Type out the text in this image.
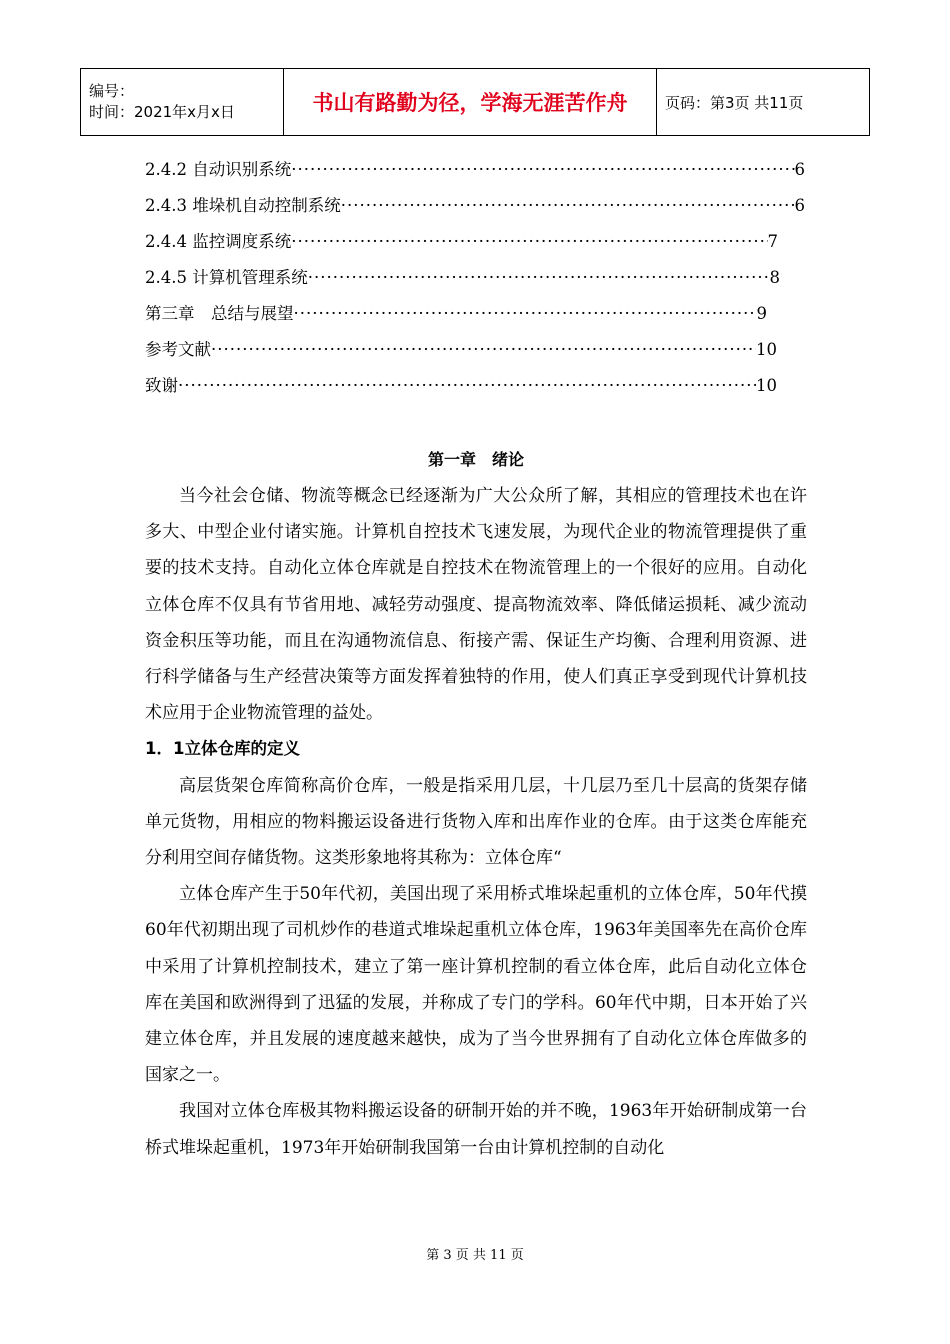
编号：
时间：2021年x月x日	书山有路勤为径，学海无涯苦作舟	页码：第3页 共11页
2.4.2 自动识别系统 ·····	6
2.4.3 堆垛机自动控制系统 ·····	6
2.4.4 监控调度系统 ·····	7
2.4.5 计算机管理系统 ·····	8
第三章　总结与展望 ·····	9
参考文献 ·····	10
致谢 ·····	10

第一章　绪论

当今社会仓储、物流等概念已经逐渐为广大公众所了解，其相应的管理技术也在许多大、中型企业付诸实施。计算机自控技术飞速发展，为现代企业的物流管理提供了重要的技术支持。自动化立体仓库就是自控技术在物流管理上的一个很好的应用。自动化立体仓库不仅具有节省用地、减轻劳动强度、提高物流效率、降低储运损耗、减少流动资金积压等功能，而且在沟通物流信息、衔接产需、保证生产均衡、合理利用资源、进行科学储备与生产经营决策等方面发挥着独特的作用，使人们真正享受到现代计算机技术应用于企业物流管理的益处。

1．1立体仓库的定义

高层货架仓库简称高价仓库，一般是指采用几层，十几层乃至几十层高的货架存储单元货物，用相应的物料搬运设备进行货物入库和出库作业的仓库。由于这类仓库能充分利用空间存储货物。这类形象地将其称为：立体仓库“

立体仓库产生于50年代初，美国出现了采用桥式堆垛起重机的立体仓库，50年代摸60年代初期出现了司机炒作的巷道式堆垛起重机立体仓库，1963年美国率先在高价仓库中采用了计算机控制技术，建立了第一座计算机控制的看立体仓库，此后自动化立体仓库在美国和欧洲得到了迅猛的发展，并称成了专门的学科。60年代中期，日本开始了兴建立体仓库，并且发展的速度越来越快，成为了当今世界拥有了自动化立体仓库做多的国家之一。

我国对立体仓库极其物料搬运设备的研制开始的并不晚，1963年开始研制成第一台桥式堆垛起重机，1973年开始研制我国第一台由计算机控制的自动化

第 3 页 共 11 页
